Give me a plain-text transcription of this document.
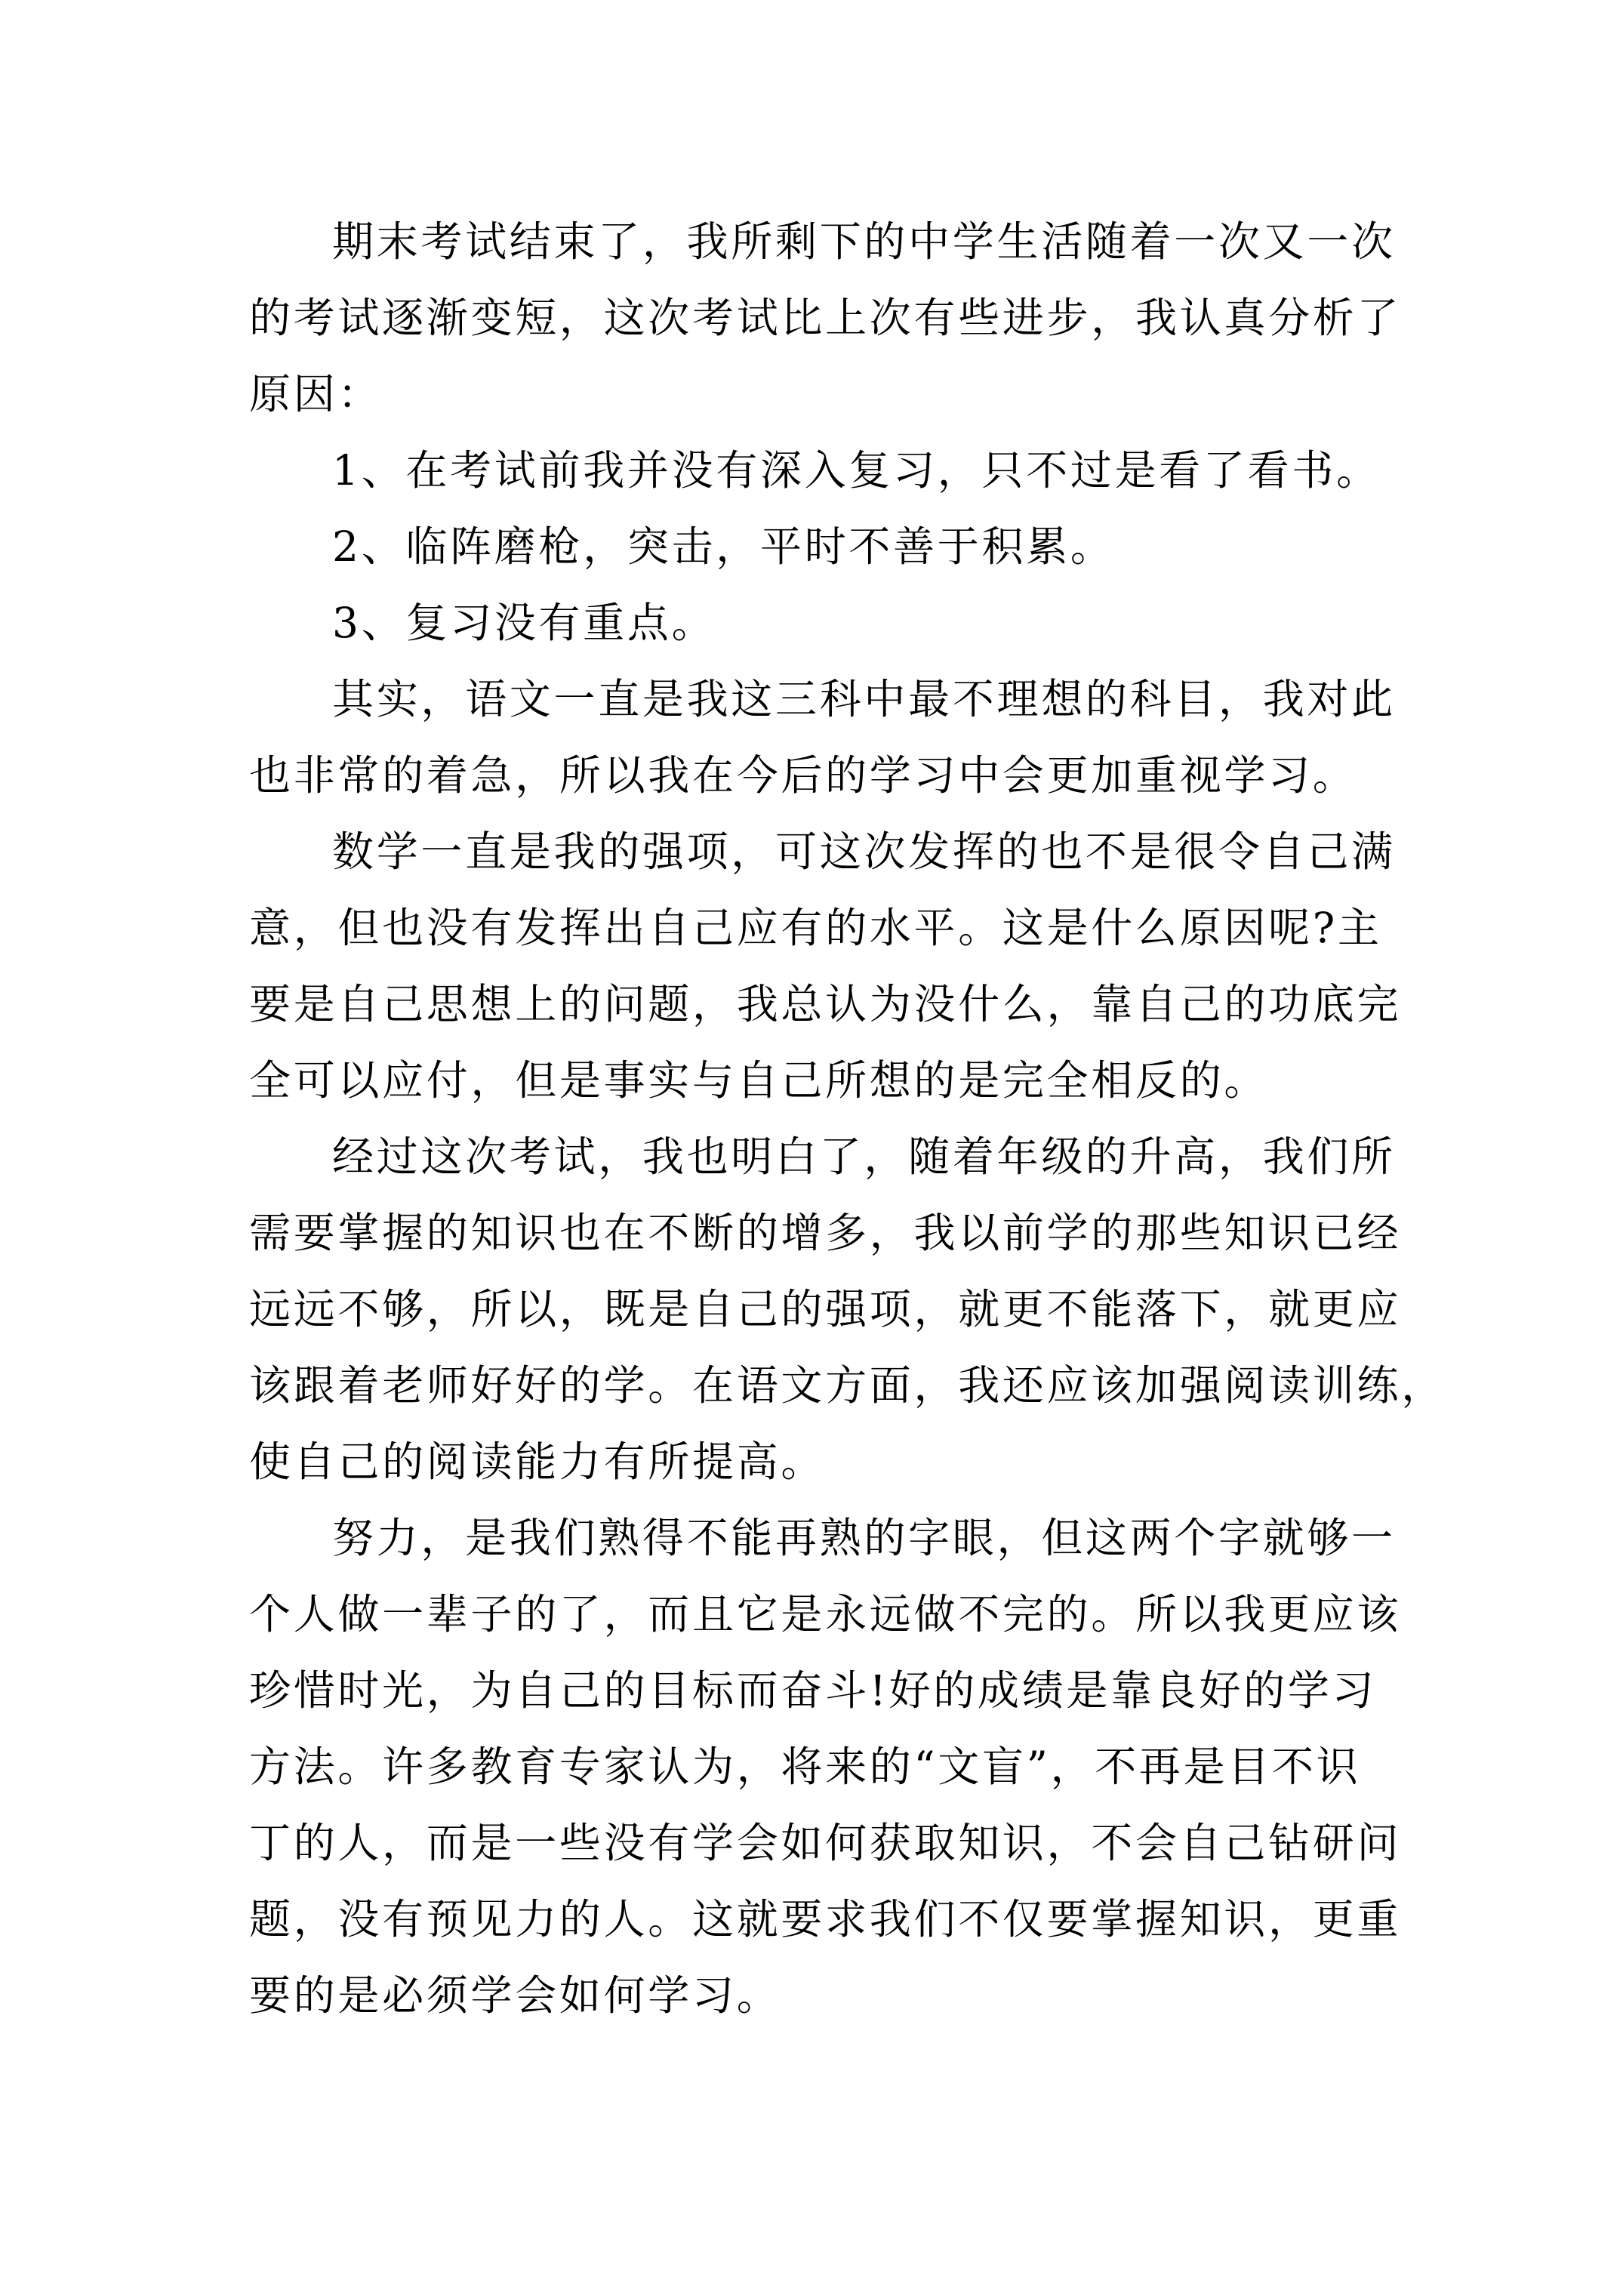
期末考试结束了，我所剩下的中学生活随着一次又一次
的考试逐渐变短，这次考试比上次有些进步，我认真分析了
原因：

1、在考试前我并没有深入复习，只不过是看了看书。

2、临阵磨枪，突击，平时不善于积累。

3、复习没有重点。

其实，语文一直是我这三科中最不理想的科目，我对此
也非常的着急，所以我在今后的学习中会更加重视学习。

数学一直是我的强项，可这次发挥的也不是很令自己满
意，但也没有发挥出自己应有的水平。这是什么原因呢?主
要是自己思想上的问题，我总认为没什么，靠自己的功底完
全可以应付，但是事实与自己所想的是完全相反的。

经过这次考试，我也明白了，随着年级的升高，我们所
需要掌握的知识也在不断的增多，我以前学的那些知识已经
远远不够，所以，既是自己的强项，就更不能落下，就更应
该跟着老师好好的学。在语文方面，我还应该加强阅读训练，
使自己的阅读能力有所提高。

努力，是我们熟得不能再熟的字眼，但这两个字就够一
个人做一辈子的了，而且它是永远做不完的。所以我更应该
珍惜时光，为自己的目标而奋斗!好的成绩是靠良好的学习
方法。许多教育专家认为，将来的“文盲”，不再是目不识
丁的人，而是一些没有学会如何获取知识，不会自己钻研问
题，没有预见力的人。这就要求我们不仅要掌握知识，更重
要的是必须学会如何学习。
